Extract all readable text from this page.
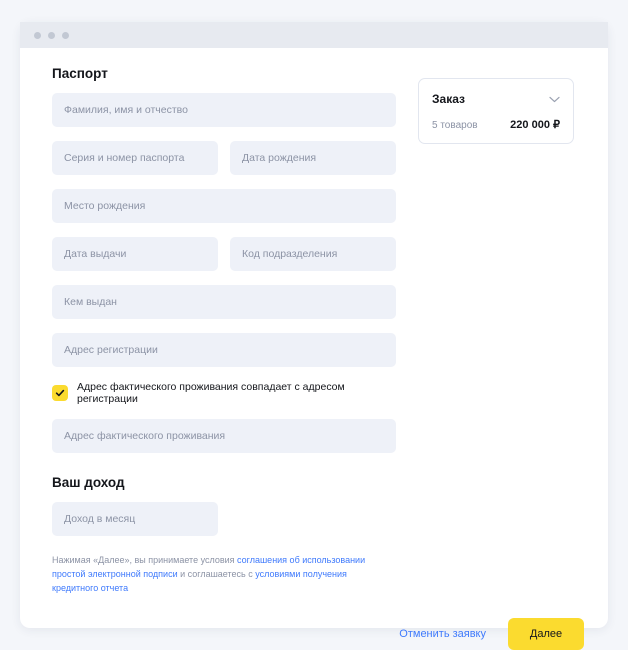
Паспорт
Фамилия, имя и отчество
Серия и номер паспорта	Дата рождения
Место рождения
Дата выдачи	Код подразделения
Кем выдан
Адрес регистрации
Адрес фактического проживания совпадает с адресом регистрации
Адрес фактического проживания
Ваш доход
Доход в месяц
Нажимая «Далее», вы принимаете условия соглашения об использовании простой электронной подписи и соглашаетесь с условиями получения кредитного отчета
Заказ
5 товаров	220 000 ₽
Отменить заявку	Далее
